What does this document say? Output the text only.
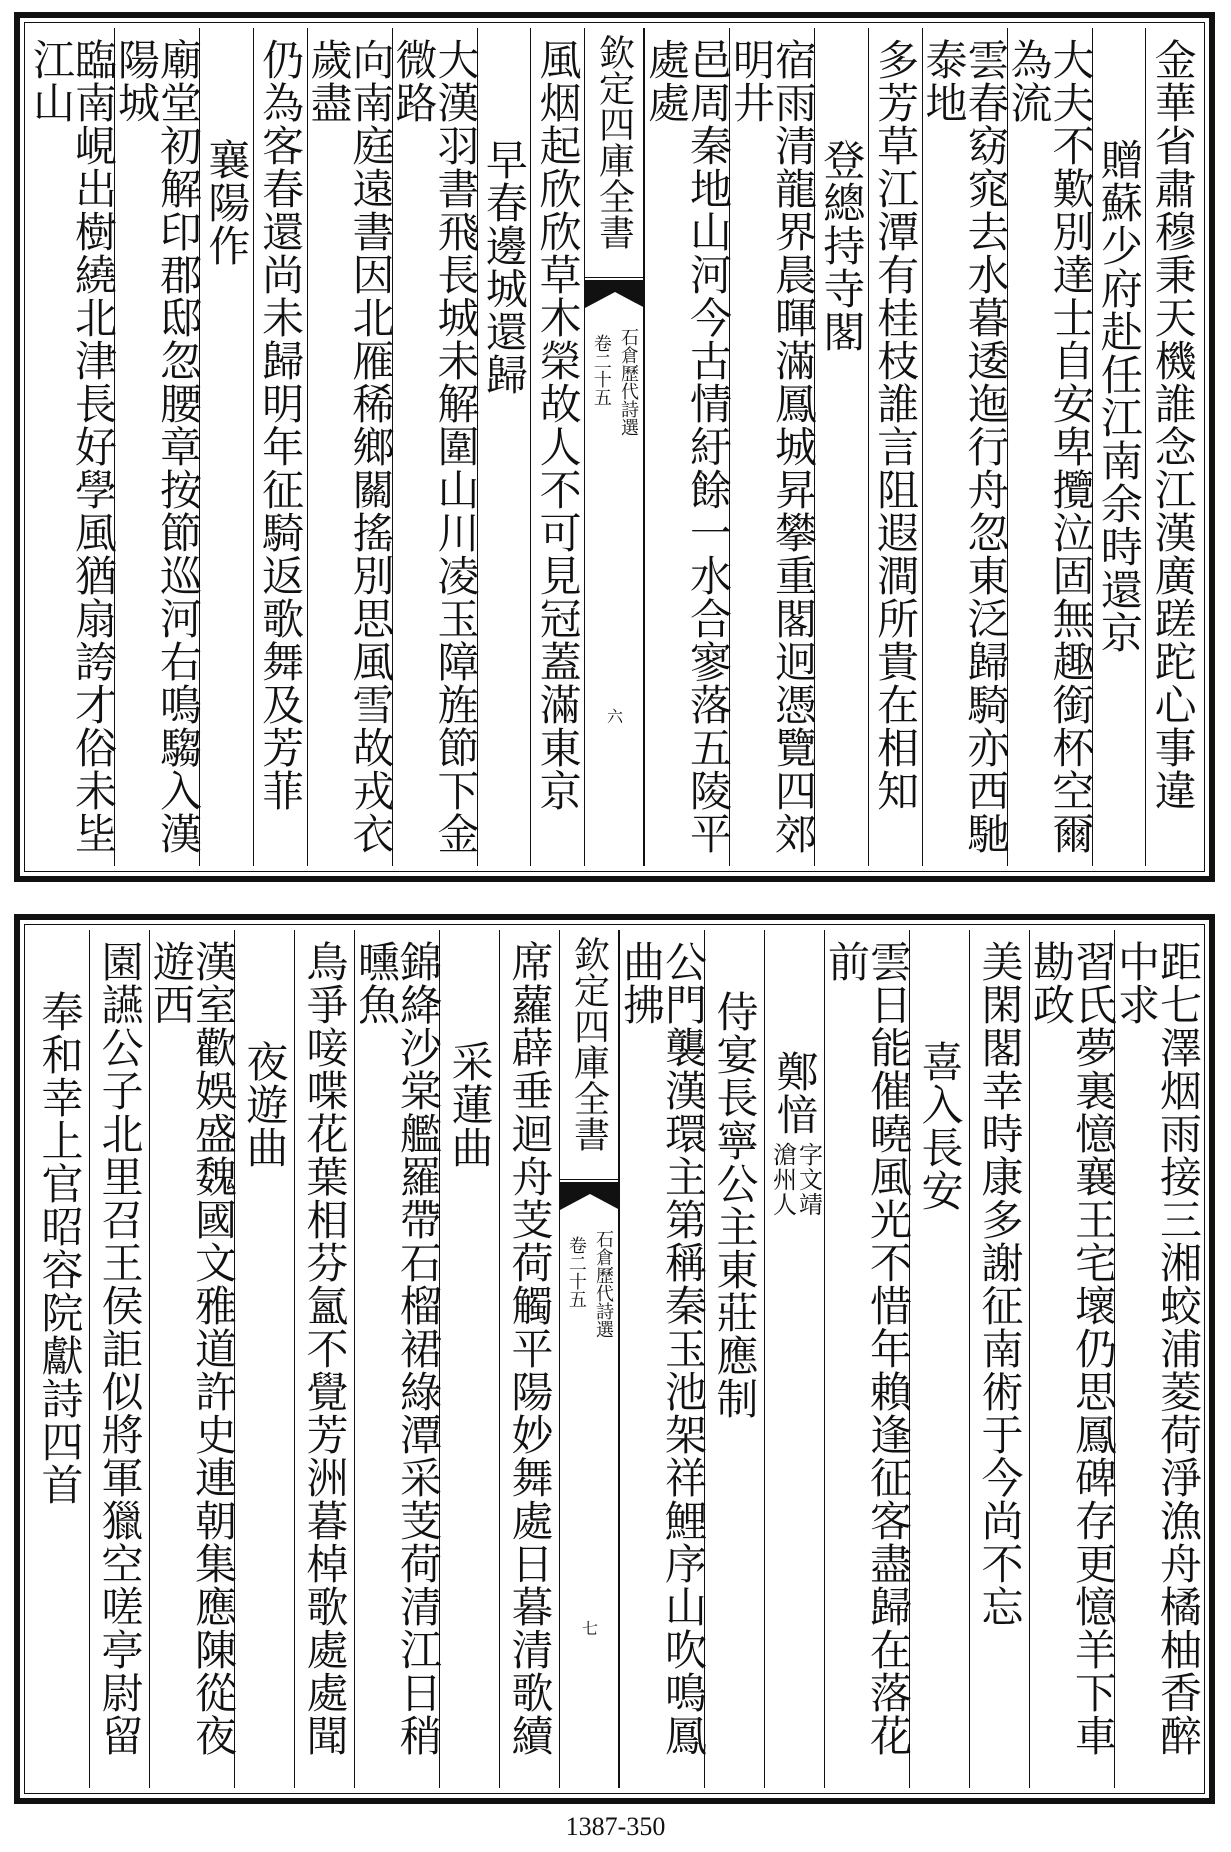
金華省肅穆秉天機誰念江漢廣蹉跎心事違
贈蘇少府赴任江南余時還京
大夫不歎別達士自安卑攬泣固無趣銜杯空爾為流
雲春窈窕去水暮逶迤行舟忽東泛歸騎亦西馳泰地
多芳草江潭有桂枝誰言阻遐澗所貴在相知
登總持寺閣
宿雨清龍界晨暉滿鳳城昇攀重閣迥憑覽四郊明井
邑周秦地山河今古情紆餘一水合寥落五陵平處處
欽定四庫全書
石倉歷代詩選
卷二十五
六
風烟起欣欣草木榮故人不可見冠蓋滿東京
早春邊城還歸
大漢羽書飛長城未解圍山川凌玉障旌節下金微路
向南庭遠書因北雁稀鄉關搖別思風雪故戎衣歲盡
仍為客春還尚未歸明年征騎返歌舞及芳菲
襄陽作
廟堂初解印郡邸忽腰章按節巡河右鳴騶入漢陽城
臨南峴出樹繞北津長好學風猶扇誇才俗未坒江山
距七澤烟雨接三湘蛟浦菱荷淨漁舟橘柚香醉中求
習氏夢裏憶襄王宅壞仍思鳳碑存更憶羊下車勘政
美閑閣幸時康多謝征南術于今尚不忘
喜入長安
雲日能催曉風光不惜年賴逢征客盡歸在落花前
鄭愔
字文靖
滄州人
侍宴長寧公主東莊應制
公門襲漢環主第稱秦玉池架祥鯉序山吹鳴鳳曲拂
欽定四庫全書
石倉歷代詩選
卷二十五
七
席蘿薜垂迴舟芰荷觸平陽妙舞處日暮清歌續
采蓮曲
錦絳沙棠艦羅帶石榴裙綠潭采芰荷清江日稍曛魚
鳥爭唼喋花葉相芬氳不覺芳洲暮棹歌處處聞
夜遊曲
漢室歡娛盛魏國文雅道許史連朝集應陳從夜遊西
園讌公子北里召王侯詎似將軍獵空嗟亭尉留
奉和幸上官昭容院獻詩四首
1387-350
